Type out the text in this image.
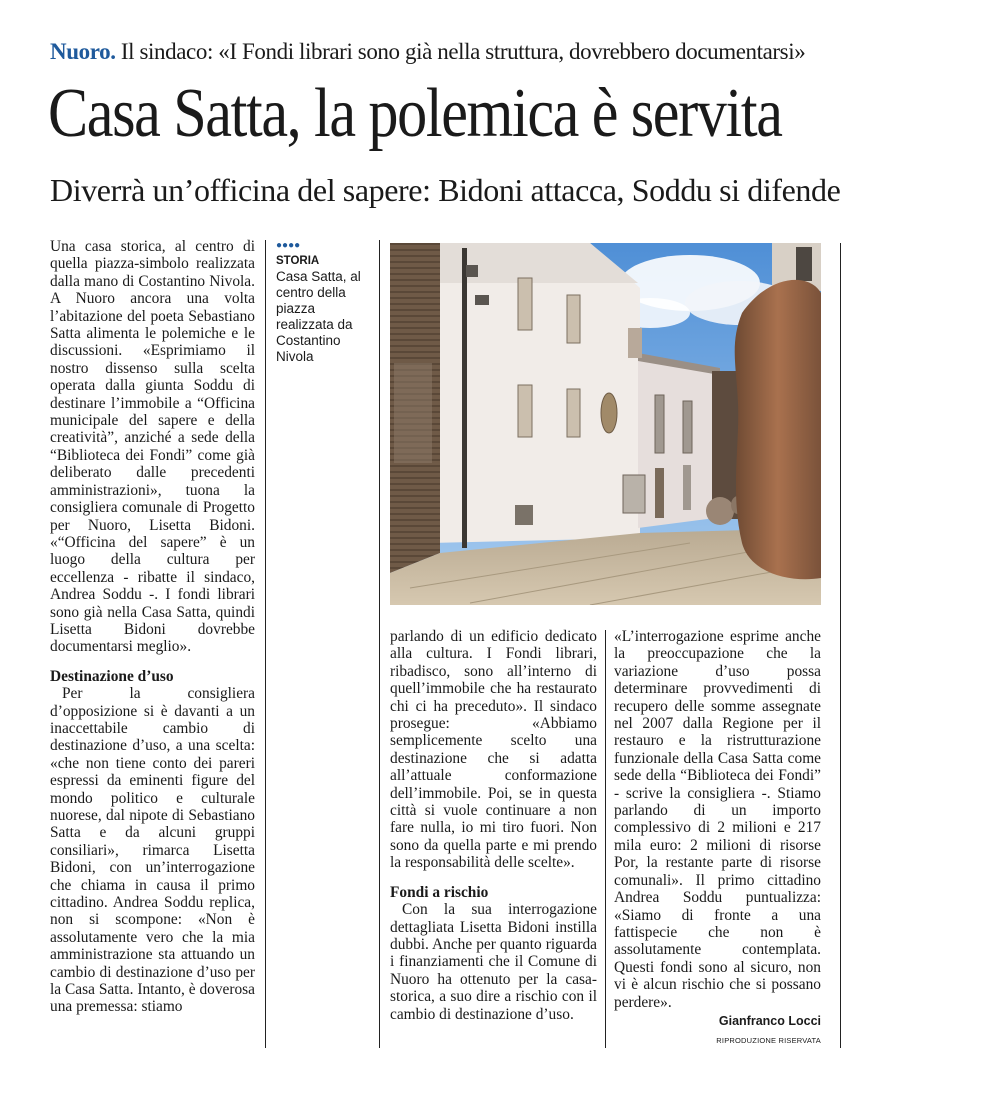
Nuoro. Il sindaco: «I Fondi librari sono già nella struttura, dovrebbero documentarsi»
Casa Satta, la polemica è servita
Diverrà un’officina del sapere: Bidoni attacca, Soddu si difende

Una casa storica, al centro di quella piazza-simbolo realizzata dalla mano di Costantino Nivola. A Nuoro ancora una volta l’abitazione del poeta Sebastiano Satta alimenta le polemiche e le discussioni. «Esprimiamo il nostro dissenso sulla scelta operata dalla giunta Soddu di destinare l’immobile a “Officina municipale del sapere e della creatività”, anziché a sede della “Biblioteca dei Fondi” come già deliberato dalle precedenti amministrazioni», tuona la consigliera comunale di Progetto per Nuoro, Lisetta Bidoni. «“Officina del sapere” è un luogo della cultura per eccellenza - ribatte il sindaco, Andrea Soddu -. I fondi librari sono già nella Casa Satta, quindi Lisetta Bidoni dovrebbe documentarsi meglio».

Destinazione d’uso

Per la consigliera d’opposizione si è davanti a un inaccettabile cambio di destinazione d’uso, a una scelta: «che non tiene conto dei pareri espressi da eminenti figure del mondo politico e culturale nuorese, dal nipote di Sebastiano Satta e da alcuni gruppi consiliari», rimarca Lisetta Bidoni, con un’interrogazione che chiama in causa il primo cittadino. Andrea Soddu replica, non si scompone: «Non è assolutamente vero che la mia amministrazione sta attuando un cambio di destinazione d’uso per la Casa Satta. Intanto, è doverosa una premessa: stiamo

●●●●
STORIA
Casa Satta, al centro della piazza realizzata da Costantino Nivola

parlando di un edificio dedicato alla cultura. I Fondi librari, ribadisco, sono all’interno di quell’immobile che ha restaurato chi ci ha preceduto». Il sindaco prosegue: «Abbiamo semplicemente scelto una destinazione che si adatta all’attuale conformazione dell’immobile. Poi, se in questa città si vuole continuare a non fare nulla, io mi tiro fuori. Non sono da quella parte e mi prendo la responsabilità delle scelte».

Fondi a rischio

Con la sua interrogazione dettagliata Lisetta Bidoni instilla dubbi. Anche per quanto riguarda i finanziamenti che il Comune di Nuoro ha ottenuto per la casa-storica, a suo dire a rischio con il cambio di destinazione d’uso.

«L’interrogazione esprime anche la preoccupazione che la variazione d’uso possa determinare provvedimenti di recupero delle somme assegnate nel 2007 dalla Regione per il restauro e la ristrutturazione funzionale della Casa Satta come sede della “Biblioteca dei Fondi” - scrive la consigliera -. Stiamo parlando di un importo complessivo di 2 milioni e 217 mila euro: 2 milioni di risorse Por, la restante parte di risorse comunali». Il primo cittadino Andrea Soddu puntualizza: «Siamo di fronte a una fattispecie che non è assolutamente contemplata. Questi fondi sono al sicuro, non vi è alcun rischio che si possano perdere».

Gianfranco Locci
RIPRODUZIONE RISERVATA
